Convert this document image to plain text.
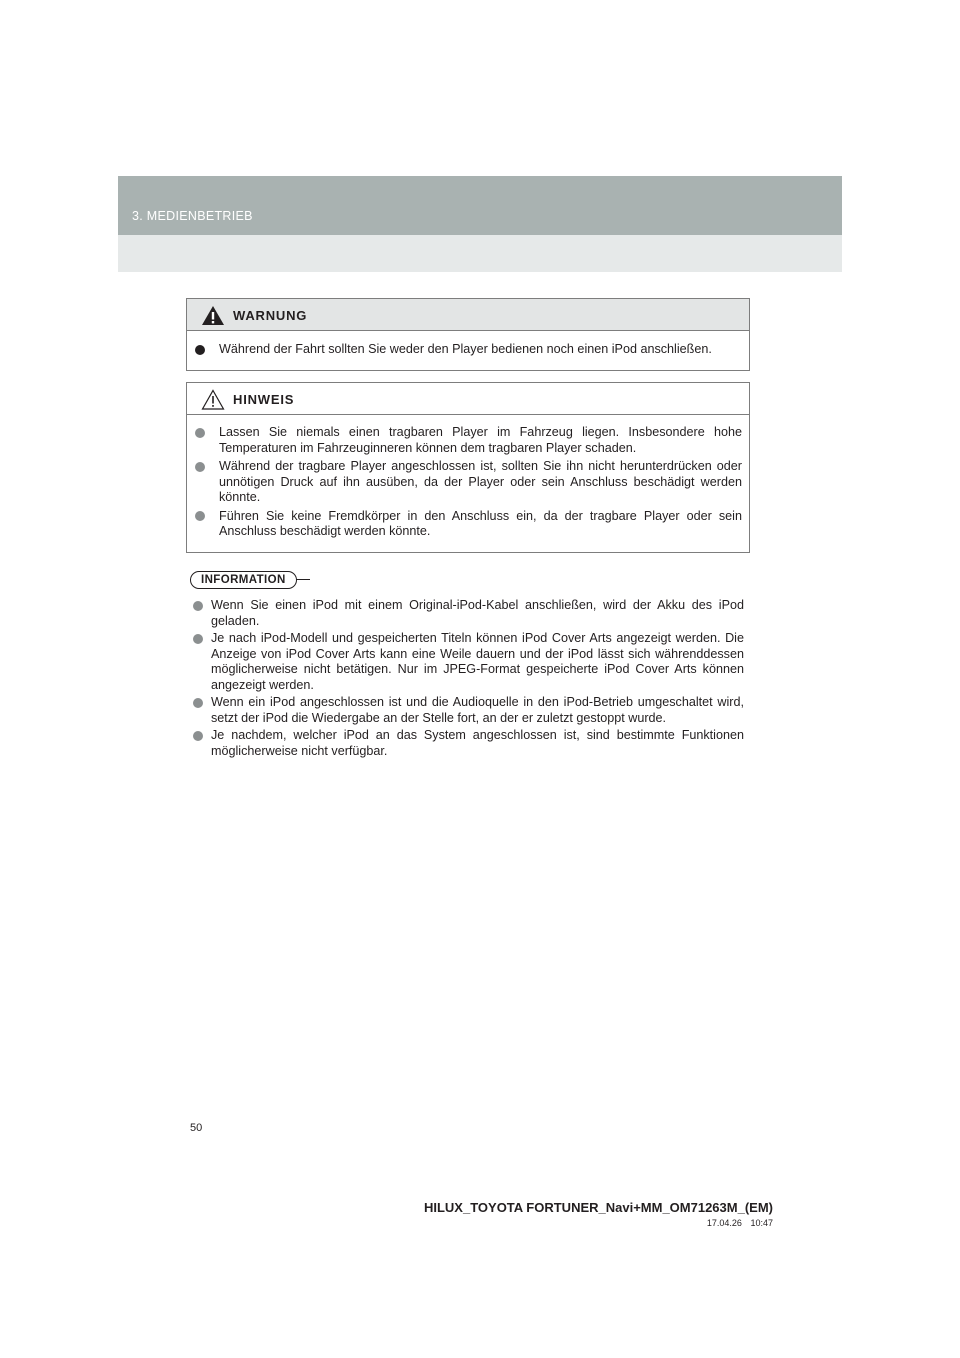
3. MEDIENBETRIEB
WARNUNG
Während der Fahrt sollten Sie weder den Player bedienen noch einen iPod anschließen.
HINWEIS
Lassen Sie niemals einen tragbaren Player im Fahrzeug liegen. Insbesondere hohe Temperaturen im Fahrzeuginneren können dem tragbaren Player schaden.
Während der tragbare Player angeschlossen ist, sollten Sie ihn nicht herunterdrücken oder unnötigen Druck auf ihn ausüben, da der Player oder sein Anschluss beschädigt werden könnte.
Führen Sie keine Fremdkörper in den Anschluss ein, da der tragbare Player oder sein Anschluss beschädigt werden könnte.
INFORMATION
Wenn Sie einen iPod mit einem Original-iPod-Kabel anschließen, wird der Akku des iPod geladen.
Je nach iPod-Modell und gespeicherten Titeln können iPod Cover Arts angezeigt werden. Die Anzeige von iPod Cover Arts kann eine Weile dauern und der iPod lässt sich währenddessen möglicherweise nicht betätigen. Nur im JPEG-Format gespeicherte iPod Cover Arts können angezeigt werden.
Wenn ein iPod angeschlossen ist und die Audioquelle in den iPod-Betrieb umgeschaltet wird, setzt der iPod die Wiedergabe an der Stelle fort, an der er zuletzt gestoppt wurde.
Je nachdem, welcher iPod an das System angeschlossen ist, sind bestimmte Funktionen möglicherweise nicht verfügbar.
50
HILUX_TOYOTA FORTUNER_Navi+MM_OM71263M_(EM)
17.04.26 10:47
